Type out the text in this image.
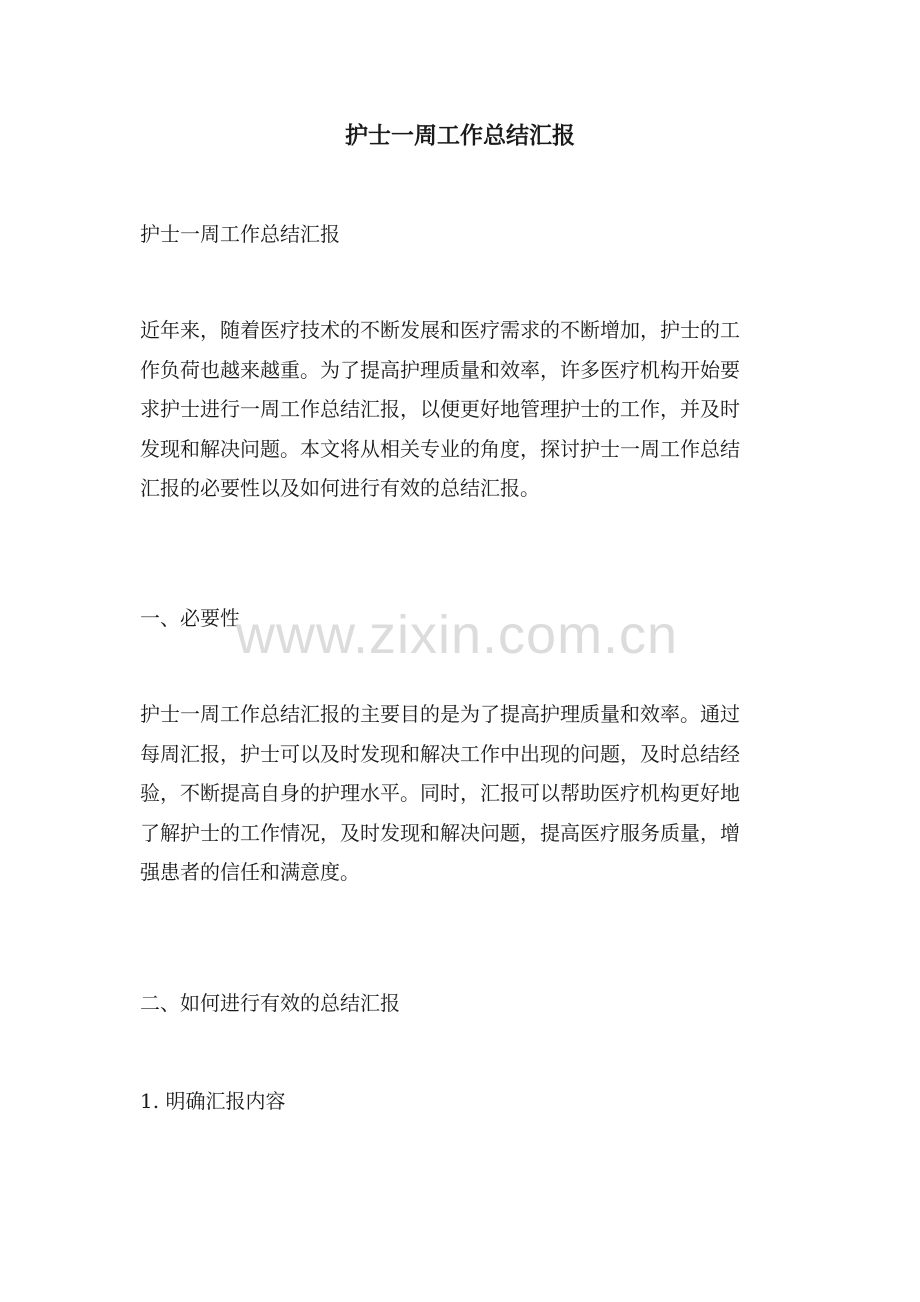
护士一周工作总结汇报

护士一周工作总结汇报

近年来，随着医疗技术的不断发展和医疗需求的不断增加，护士的工
作负荷也越来越重。为了提高护理质量和效率，许多医疗机构开始要
求护士进行一周工作总结汇报，以便更好地管理护士的工作，并及时
发现和解决问题。本文将从相关专业的角度，探讨护士一周工作总结
汇报的必要性以及如何进行有效的总结汇报。

一、必要性

护士一周工作总结汇报的主要目的是为了提高护理质量和效率。通过
每周汇报，护士可以及时发现和解决工作中出现的问题，及时总结经
验，不断提高自身的护理水平。同时，汇报可以帮助医疗机构更好地
了解护士的工作情况，及时发现和解决问题，提高医疗服务质量，增
强患者的信任和满意度。

二、如何进行有效的总结汇报

1. 明确汇报内容

www.zixin.com.cn
